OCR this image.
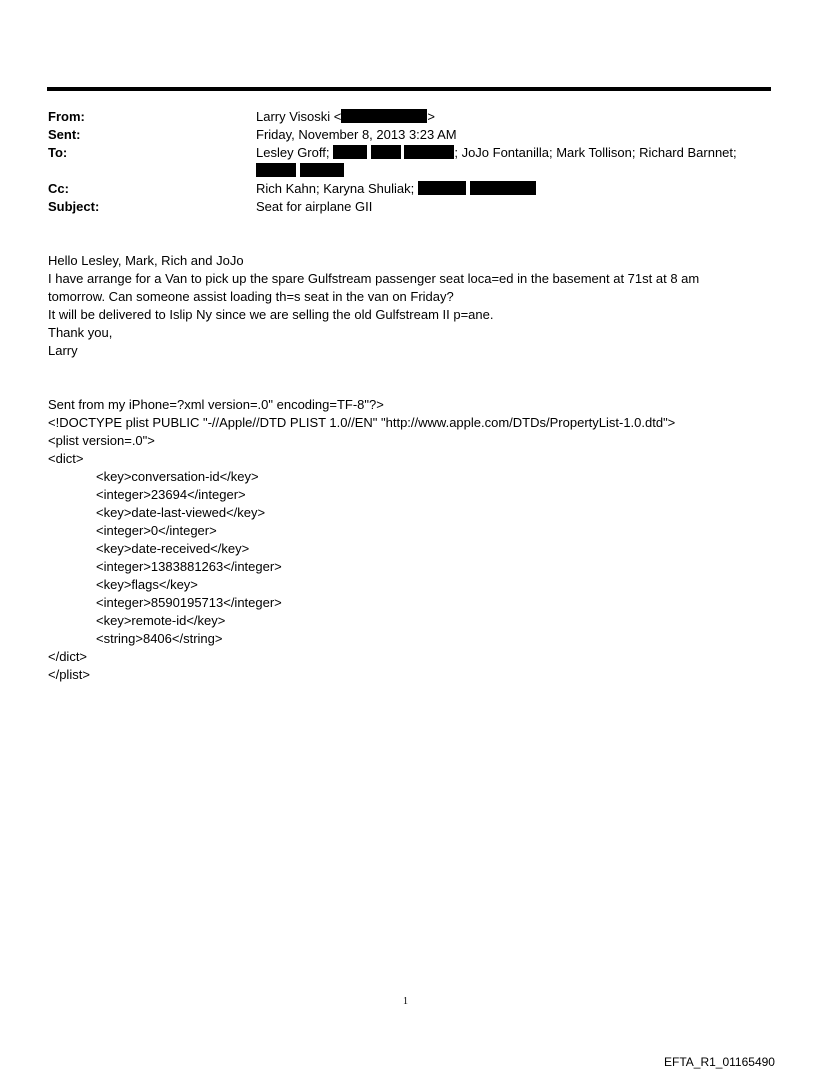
From:
Sent:
To:
Cc:
Subject:
Larry Visoski <	>
Friday, November 8, 2013 3:23 AM
Lesley Groff;	; JoJo Fontanilla; Mark Tollison; Richard Barnnet;

Rich Kahn; Karyna Shuliak;
Seat for airplane GII
Hello Lesley, Mark, Rich and JoJo
I have arrange for a Van to pick up the spare Gulfstream passenger seat loca=ed in the basement at 71st at 8 am
tomorrow. Can someone assist loading th=s seat in the van on Friday?
It will be delivered to Islip Ny since we are selling the old Gulfstream II p=ane.
Thank you,
Larry
Sent from my iPhone=?xml version=.0" encoding=TF-8"?>
<!DOCTYPE plist PUBLIC "-//Apple//DTD PLIST 1.0//EN" "http://www.apple.com/DTDs/PropertyList-1.0.dtd">
<plist version=.0">
<dict>
<key>conversation-id</key>
<integer>23694</integer>
<key>date-last-viewed</key>
<integer>0</integer>
<key>date-received</key>
<integer>1383881263</integer>
<key>flags</key>
<integer>8590195713</integer>
<key>remote-id</key>
<string>8406</string>
</dict>
</plist>
1
EFTA_R1_01165490
